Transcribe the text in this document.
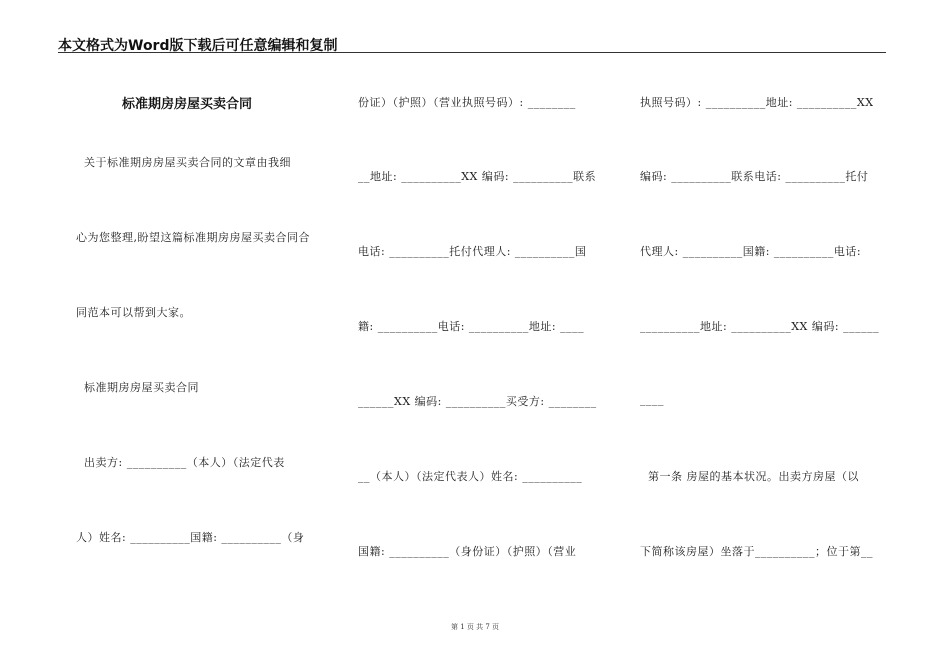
本文格式为Word版下载后可任意编辑和复制
标准期房房屋买卖合同
关于标准期房房屋买卖合同的文章由我细
心为您整理,盼望这篇标准期房房屋买卖合同合
同范本可以帮到大家。
标准期房房屋买卖合同
出卖方: __________（本人）（法定代表
人）姓名: __________国籍: __________（身
份证）（护照）（营业执照号码）: ________
__地址: __________XX 编码: __________联系
电话: __________托付代理人: __________国
籍: __________电话: __________地址: ____
______XX 编码: __________买受方: ________
__（本人）（法定代表人）姓名: __________
国籍: __________（身份证）（护照）（营业
执照号码）: __________地址: __________XX
编码: __________联系电话: __________托付
代理人: __________国籍: __________电话:
__________地址: __________XX 编码: ______
____
第一条 房屋的基本状况。出卖方房屋（以
下简称该房屋）坐落于__________；位于第__
第 1 页 共 7 页
